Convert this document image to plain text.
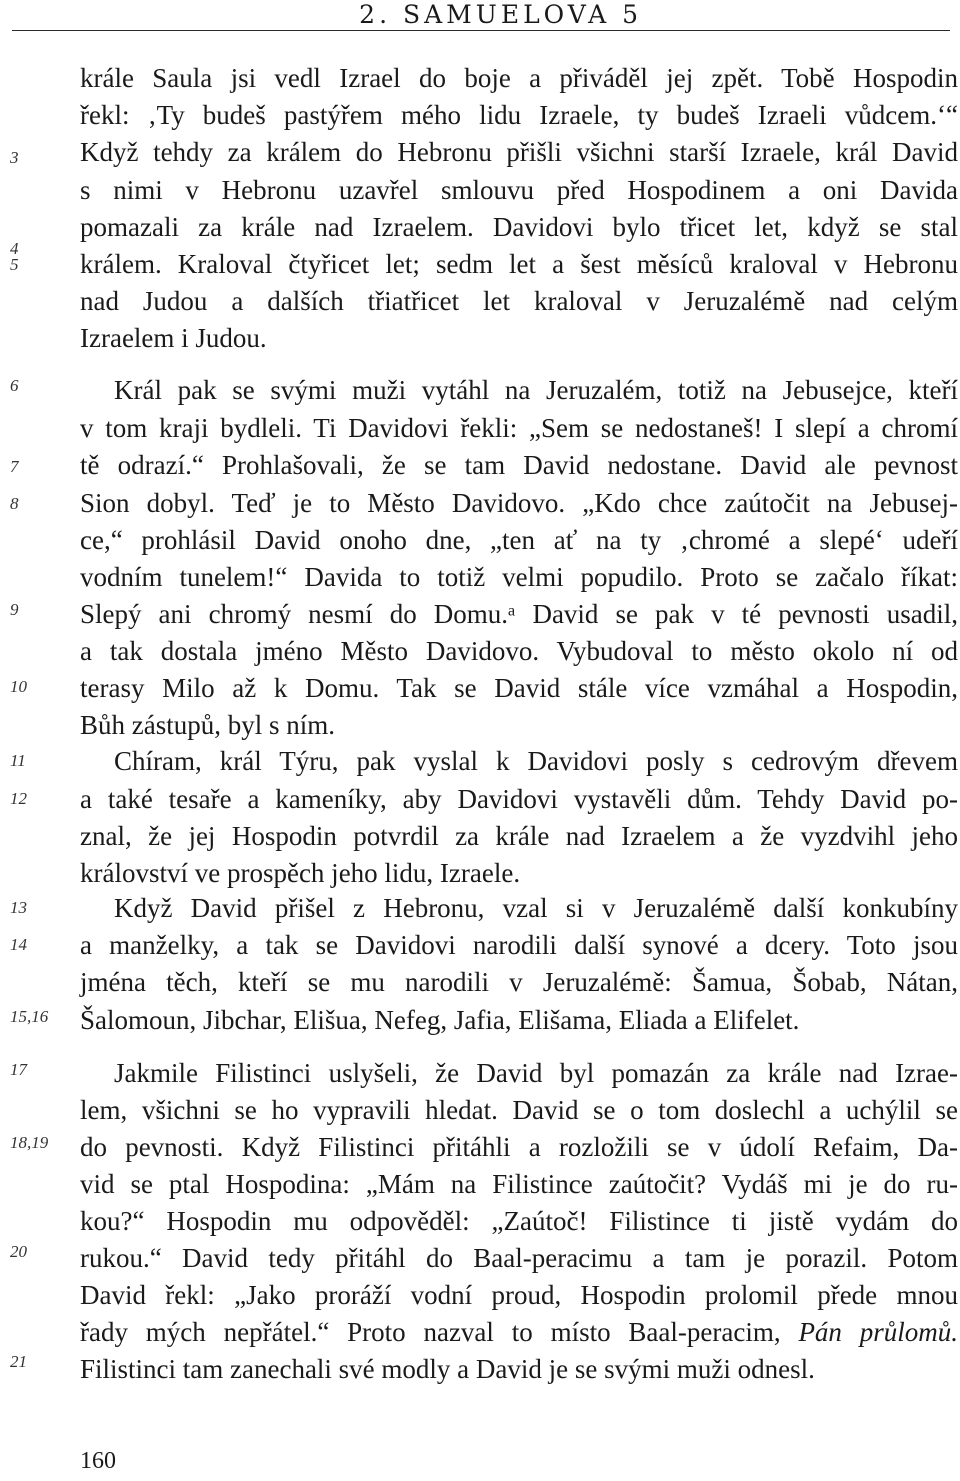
2. SAMUELOVA 5
3
4
5
6
7
8
9
10
11
12
13
14
15,16
17
18,19
20
21
krále Saula jsi vedl Izrael do boje a přiváděl jej zpět. Tobě Hospodin
řekl: ‚Ty budeš pastýřem mého lidu Izraele, ty budeš Izraeli vůdcem.‘“
Když tehdy za králem do Hebronu přišli všichni starší Izraele, král David
s nimi v Hebronu uzavřel smlouvu před Hospodinem a oni Davida
pomazali za krále nad Izraelem. Davidovi bylo třicet let, když se stal
králem. Kraloval čtyřicet let; sedm let a šest měsíců kraloval v Hebronu
nad Judou a dalších třiatřicet let kraloval v Jeruzalémě nad celým
Izraelem i Judou.
Král pak se svými muži vytáhl na Jeruzalém, totiž na Jebusejce, kteří
v tom kraji bydleli. Ti Davidovi řekli: „Sem se nedostaneš! I slepí a chromí
tě odrazí.“ Prohlašovali, že se tam David nedostane. David ale pevnost
Sion dobyl. Teď je to Město Davidovo. „Kdo chce zaútočit na Jebusej-
ce,“ prohlásil David onoho dne, „ten ať na ty ‚chromé a slepé‘ udeří
vodním tunelem!“ Davida to totiž velmi popudilo. Proto se začalo říkat:
Slepý ani chromý nesmí do Domu.ᵃ David se pak v té pevnosti usadil,
a tak dostala jméno Město Davidovo. Vybudoval to město okolo ní od
terasy Milo až k Domu. Tak se David stále více vzmáhal a Hospodin,
Bůh zástupů, byl s ním.
Chíram, král Týru, pak vyslal k Davidovi posly s cedrovým dřevem
a také tesaře a kameníky, aby Davidovi vystavěli dům. Tehdy David po-
znal, že jej Hospodin potvrdil za krále nad Izraelem a že vyzdvihl jeho
království ve prospěch jeho lidu, Izraele.
Když David přišel z Hebronu, vzal si v Jeruzalémě další konkubíny
a manželky, a tak se Davidovi narodili další synové a dcery. Toto jsou
jména těch, kteří se mu narodili v Jeruzalémě: Šamua, Šobab, Nátan,
Šalomoun, Jibchar, Elišua, Nefeg, Jafia, Elišama, Eliada a Elifelet.
Jakmile Filistinci uslyšeli, že David byl pomazán za krále nad Izrae-
lem, všichni se ho vypravili hledat. David se o tom doslechl a uchýlil se
do pevnosti. Když Filistinci přitáhli a rozložili se v údolí Refaim, Da-
vid se ptal Hospodina: „Mám na Filistince zaútočit? Vydáš mi je do ru-
kou?“ Hospodin mu odpověděl: „Zaútoč! Filistince ti jistě vydám do
rukou.“ David tedy přitáhl do Baal-peracimu a tam je porazil. Potom
David řekl: „Jako proráží vodní proud, Hospodin prolomil přede mnou
řady mých nepřátel.“ Proto nazval to místo Baal-peracim, Pán průlomů.
Filistinci tam zanechali své modly a David je se svými muži odnesl.
160
